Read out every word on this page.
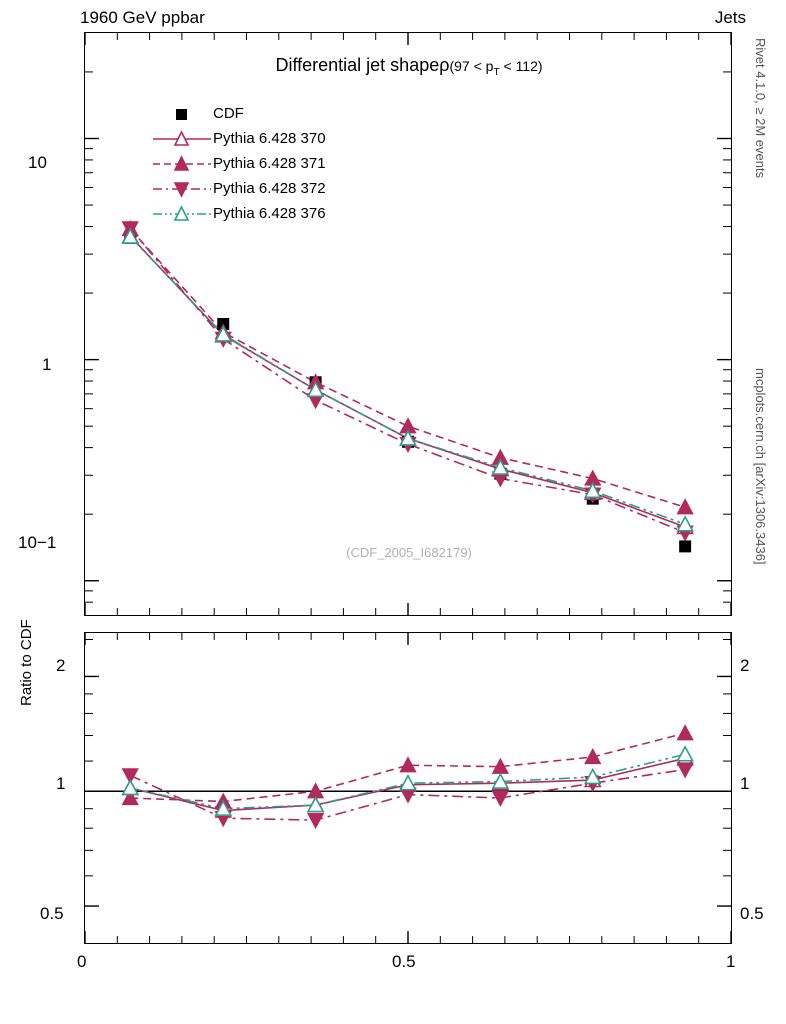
1960 GeV ppbar	Jets
Rivet 4.1.0, ≥ 2M events
mcplots.cern.ch [arXiv:1306.3436]
Differential jet shapeρ(97 < $p_T < 112$)
(CDF_2005_I682179)
CDF
Pythia 6.428 370
Pythia 6.428 371
Pythia 6.428 372
Pythia 6.428 376
10
1
10−1
Ratio to CDF 2
1
0.5
2
1
0.5
0	0.5	1
